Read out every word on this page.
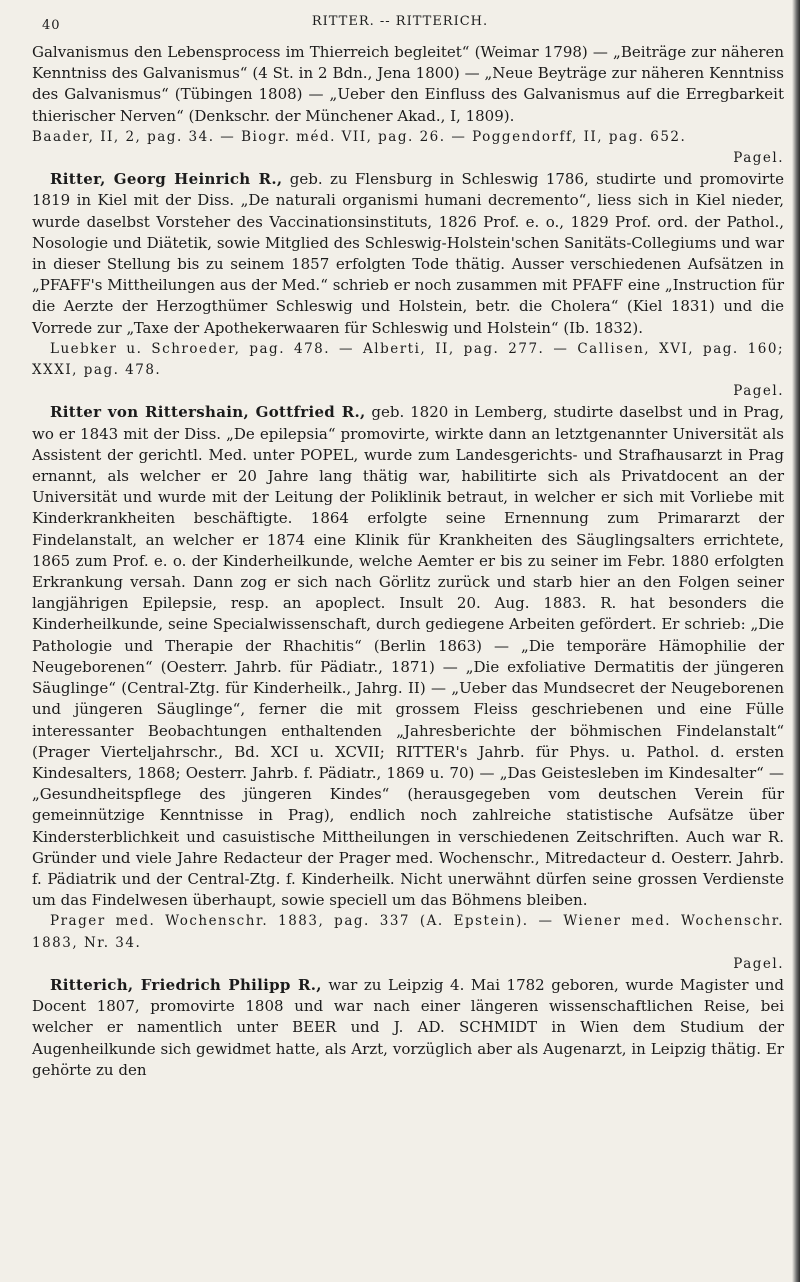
40	RITTER. -- RITTERICH.

Galvanismus den Lebensprocess im Thierreich begleitet“ (Weimar 1798) — „Beiträge zur näheren Kenntniss des Galvanismus“ (4 St. in 2 Bdn., Jena 1800) — „Neue Beyträge zur näheren Kenntniss des Galvanismus“ (Tübingen 1808) — „Ueber den Einfluss des Galvanismus auf die Erregbarkeit thierischer Nerven“ (Denkschr. der Münchener Akad., I, 1809).

Baader, II, 2, pag. 34. — Biogr. méd. VII, pag. 26. — Poggendorff, II, pag. 652.
Pagel.

Ritter, Georg Heinrich R., geb. zu Flensburg in Schleswig 1786, studirte und promovirte 1819 in Kiel mit der Diss. „De naturali organismi humani decremento“, liess sich in Kiel nieder, wurde daselbst Vorsteher des Vaccinationsinstituts, 1826 Prof. e. o., 1829 Prof. ord. der Pathol., Nosologie und Diätetik, sowie Mitglied des Schleswig-Holstein'schen Sanitäts-Collegiums und war in dieser Stellung bis zu seinem 1857 erfolgten Tode thätig. Ausser verschiedenen Aufsätzen in „PFAFF's Mittheilungen aus der Med.“ schrieb er noch zusammen mit PFAFF eine „Instruction für die Aerzte der Herzogthümer Schleswig und Holstein, betr. die Cholera“ (Kiel 1831) und die Vorrede zur „Taxe der Apothekerwaaren für Schleswig und Holstein“ (Ib. 1832).

Luebker u. Schroeder, pag. 478. — Alberti, II, pag. 277. — Callisen, XVI, pag. 160; XXXI, pag. 478.
Pagel.

Ritter von Rittershain, Gottfried R., geb. 1820 in Lemberg, studirte daselbst und in Prag, wo er 1843 mit der Diss. „De epilepsia“ promovirte, wirkte dann an letztgenannter Universität als Assistent der gerichtl. Med. unter POPEL, wurde zum Landesgerichts- und Strafhausarzt in Prag ernannt, als welcher er 20 Jahre lang thätig war, habilitirte sich als Privatdocent an der Universität und wurde mit der Leitung der Poliklinik betraut, in welcher er sich mit Vorliebe mit Kinderkrankheiten beschäftigte. 1864 erfolgte seine Ernennung zum Primararzt der Findelanstalt, an welcher er 1874 eine Klinik für Krankheiten des Säuglingsalters errichtete, 1865 zum Prof. e. o. der Kinderheilkunde, welche Aemter er bis zu seiner im Febr. 1880 erfolgten Erkrankung versah. Dann zog er sich nach Görlitz zurück und starb hier an den Folgen seiner langjährigen Epilepsie, resp. an apoplect. Insult 20. Aug. 1883. R. hat besonders die Kinderheilkunde, seine Specialwissenschaft, durch gediegene Arbeiten gefördert. Er schrieb: „Die Pathologie und Therapie der Rhachitis“ (Berlin 1863) — „Die temporäre Hämophilie der Neugeborenen“ (Oesterr. Jahrb. für Pädiatr., 1871) — „Die exfoliative Dermatitis der jüngeren Säuglinge“ (Central-Ztg. für Kinderheilk., Jahrg. II) — „Ueber das Mundsecret der Neugeborenen und jüngeren Säuglinge“, ferner die mit grossem Fleiss geschriebenen und eine Fülle interessanter Beobachtungen enthaltenden „Jahresberichte der böhmischen Findelanstalt“ (Prager Vierteljahrschr., Bd. XCI u. XCVII; RITTER's Jahrb. für Phys. u. Pathol. d. ersten Kindesalters, 1868; Oesterr. Jahrb. f. Pädiatr., 1869 u. 70) — „Das Geistesleben im Kindesalter“ — „Gesundheitspflege des jüngeren Kindes“ (herausgegeben vom deutschen Verein für gemeinnützige Kenntnisse in Prag), endlich noch zahlreiche statistische Aufsätze über Kindersterblichkeit und casuistische Mittheilungen in verschiedenen Zeitschriften. Auch war R. Gründer und viele Jahre Redacteur der Prager med. Wochenschr., Mitredacteur d. Oesterr. Jahrb. f. Pädiatrik und der Central-Ztg. f. Kinderheilk. Nicht unerwähnt dürfen seine grossen Verdienste um das Findelwesen überhaupt, sowie speciell um das Böhmens bleiben.

Prager med. Wochenschr. 1883, pag. 337 (A. Epstein). — Wiener med. Wochenschr. 1883, Nr. 34.
Pagel.

Ritterich, Friedrich Philipp R., war zu Leipzig 4. Mai 1782 geboren, wurde Magister und Docent 1807, promovirte 1808 und war nach einer längeren wissenschaftlichen Reise, bei welcher er namentlich unter BEER und J. AD. SCHMIDT in Wien dem Studium der Augenheilkunde sich gewidmet hatte, als Arzt, vorzüglich aber als Augenarzt, in Leipzig thätig. Er gehörte zu den
